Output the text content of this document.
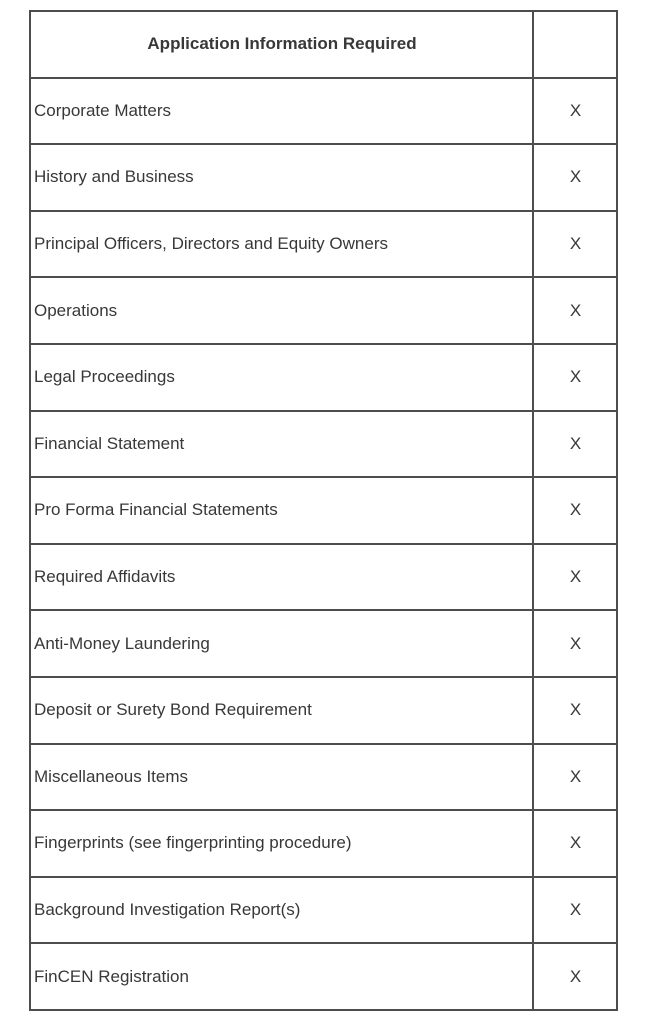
Application Information Required	
Corporate Matters	X
History and Business	X
Principal Officers, Directors and Equity Owners	X
Operations	X
Legal Proceedings	X
Financial Statement	X
Pro Forma Financial Statements	X
Required Affidavits	X
Anti-Money Laundering	X
Deposit or Surety Bond Requirement	X
Miscellaneous Items	X
Fingerprints (see fingerprinting procedure)	X
Background Investigation Report(s)	X
FinCEN Registration	X
